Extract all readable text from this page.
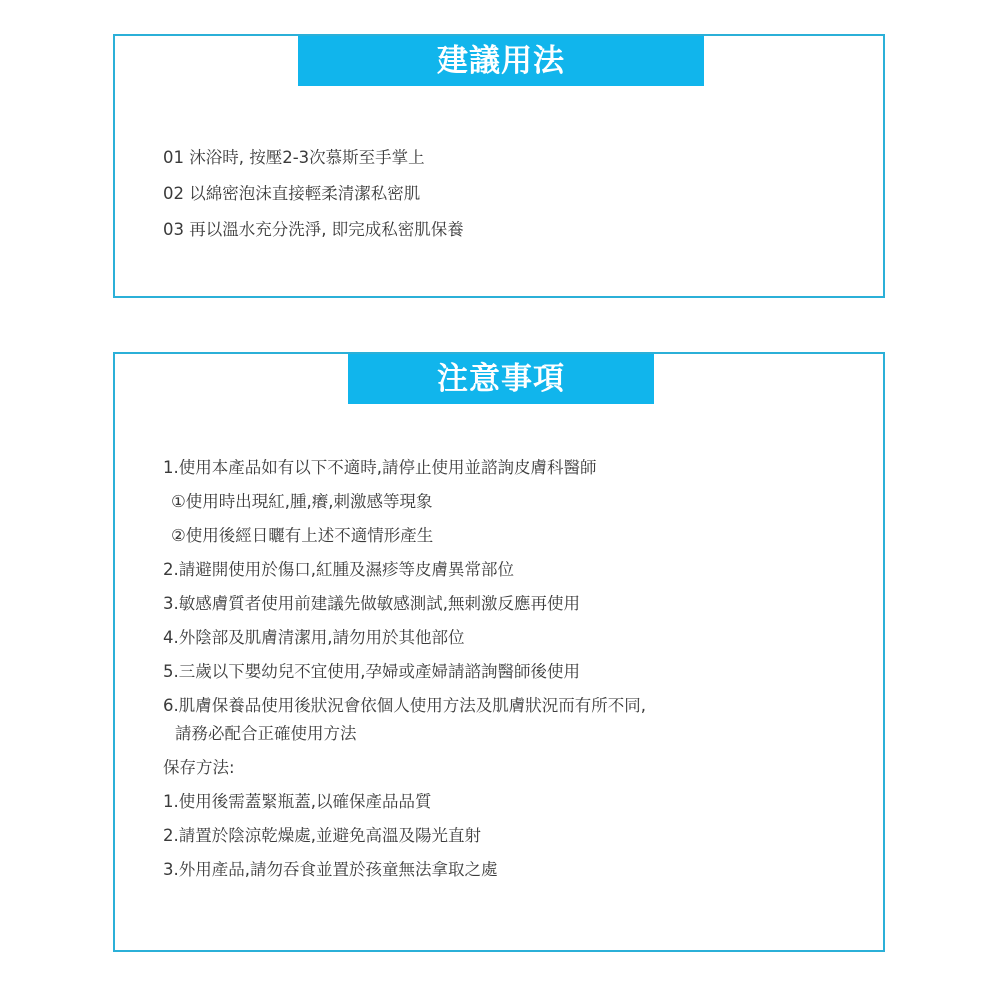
建議用法
01 沐浴時, 按壓2-3次慕斯至手掌上
02 以綿密泡沫直接輕柔清潔私密肌
03 再以溫水充分洗淨, 即完成私密肌保養
注意事項
1.使用本產品如有以下不適時,請停止使用並諮詢皮膚科醫師
①使用時出現紅,腫,癢,刺激感等現象
②使用後經日曬有上述不適情形產生
2.請避開使用於傷口,紅腫及濕疹等皮膚異常部位
3.敏感膚質者使用前建議先做敏感測試,無刺激反應再使用
4.外陰部及肌膚清潔用,請勿用於其他部位
5.三歲以下嬰幼兒不宜使用,孕婦或產婦請諮詢醫師後使用
6.肌膚保養品使用後狀況會依個人使用方法及肌膚狀況而有所不同,
請務必配合正確使用方法
保存方法:
1.使用後需蓋緊瓶蓋,以確保產品品質
2.請置於陰涼乾燥處,並避免高溫及陽光直射
3.外用產品,請勿吞食並置於孩童無法拿取之處
